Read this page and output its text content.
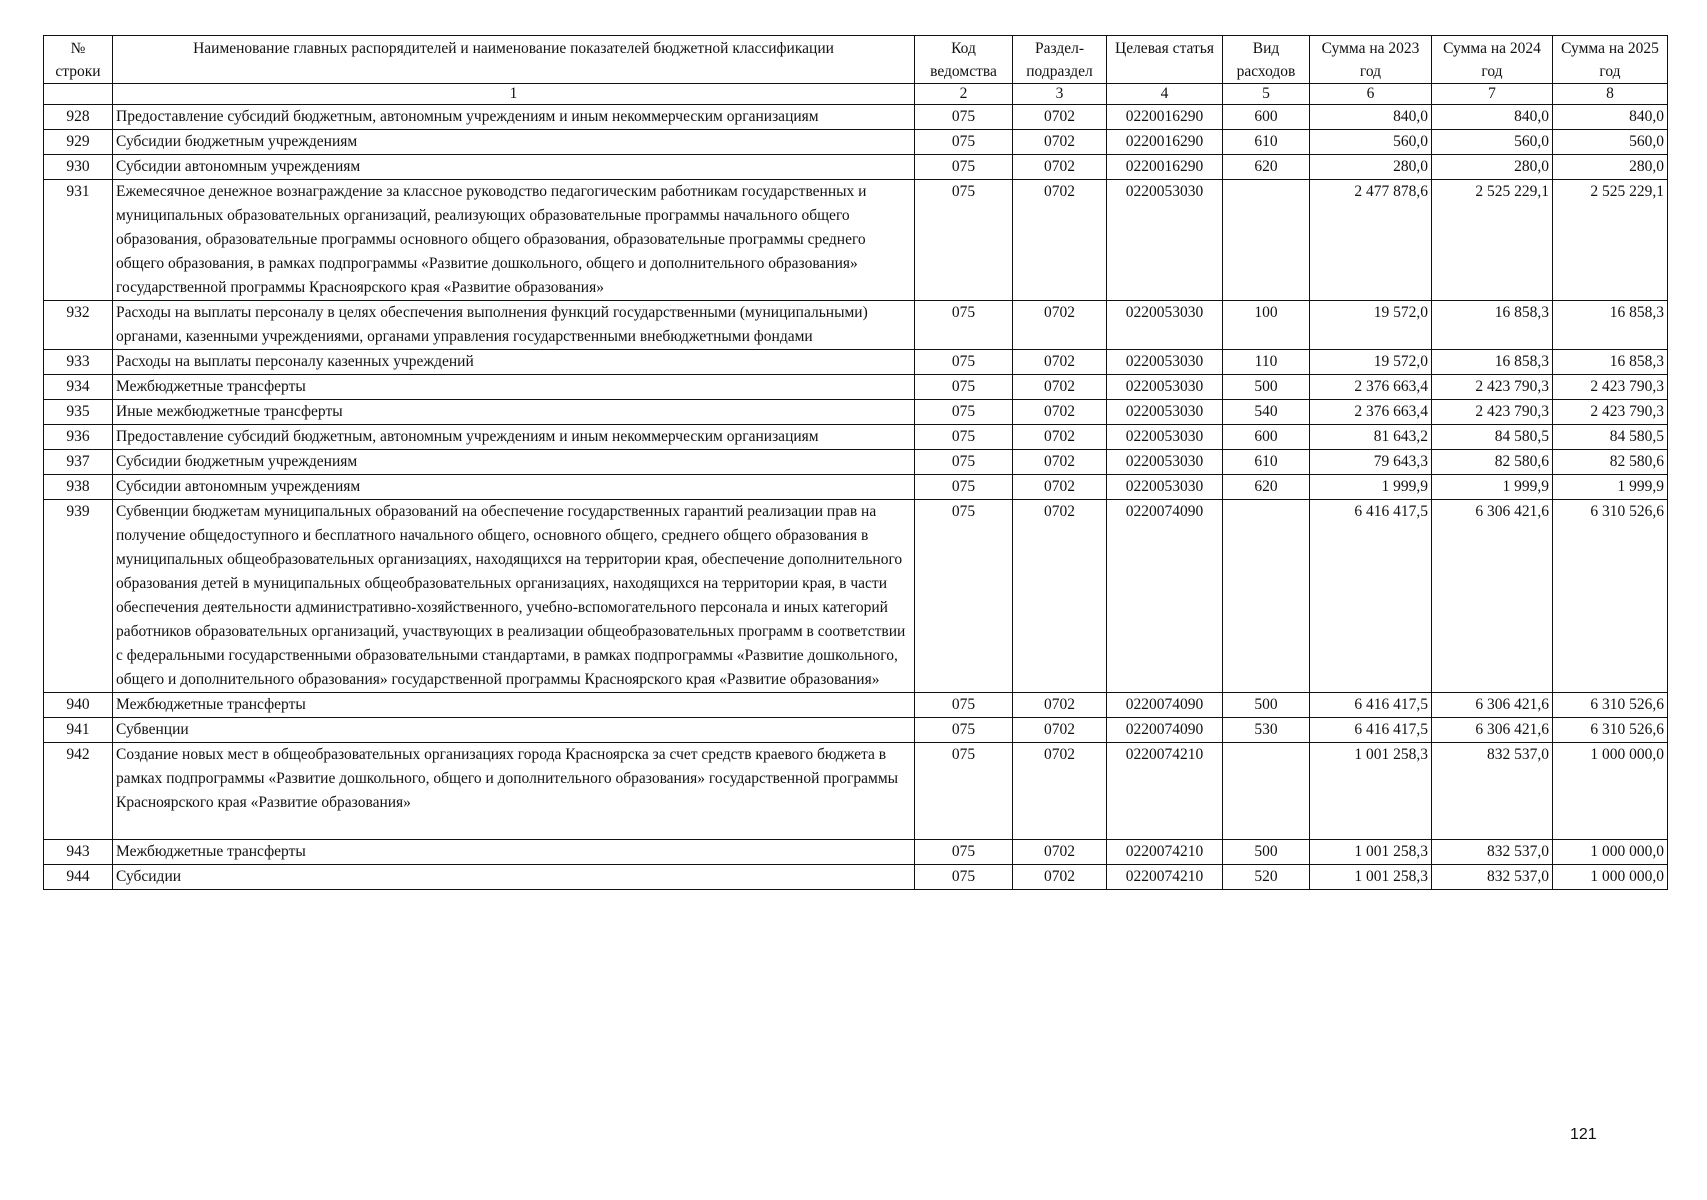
№ строки	Наименование главных распорядителей и наименование показателей бюджетной классификации	Код ведомства	Раздел-подраздел	Целевая статья	Вид расходов	Сумма на 2023 год	Сумма на 2024 год	Сумма на 2025 год
	1	2	3	4	5	6	7	8
928	Предоставление субсидий бюджетным, автономным учреждениям и иным некоммерческим организациям	075	0702	0220016290	600	840,0	840,0	840,0
929	Субсидии бюджетным учреждениям	075	0702	0220016290	610	560,0	560,0	560,0
930	Субсидии автономным учреждениям	075	0702	0220016290	620	280,0	280,0	280,0
931	Ежемесячное денежное вознаграждение за классное руководство педагогическим работникам государственных и муниципальных образовательных организаций, реализующих образовательные программы начального общего образования, образовательные программы основного общего образования, образовательные программы среднего общего образования, в рамках подпрограммы «Развитие дошкольного, общего и дополнительного образования» государственной программы Красноярского края «Развитие образования»	075	0702	0220053030		2 477 878,6	2 525 229,1	2 525 229,1
932	Расходы на выплаты персоналу в целях обеспечения выполнения функций государственными (муниципальными) органами, казенными учреждениями, органами управления государственными внебюджетными фондами	075	0702	0220053030	100	19 572,0	16 858,3	16 858,3
933	Расходы на выплаты персоналу казенных учреждений	075	0702	0220053030	110	19 572,0	16 858,3	16 858,3
934	Межбюджетные трансферты	075	0702	0220053030	500	2 376 663,4	2 423 790,3	2 423 790,3
935	Иные межбюджетные трансферты	075	0702	0220053030	540	2 376 663,4	2 423 790,3	2 423 790,3
936	Предоставление субсидий бюджетным, автономным учреждениям и иным некоммерческим организациям	075	0702	0220053030	600	81 643,2	84 580,5	84 580,5
937	Субсидии бюджетным учреждениям	075	0702	0220053030	610	79 643,3	82 580,6	82 580,6
938	Субсидии автономным учреждениям	075	0702	0220053030	620	1 999,9	1 999,9	1 999,9
939	Субвенции бюджетам муниципальных образований на обеспечение государственных гарантий реализации прав на получение общедоступного и бесплатного начального общего, основного общего, среднего общего образования в муниципальных общеобразовательных организациях, находящихся на территории края, обеспечение дополнительного образования детей в муниципальных общеобразовательных организациях, находящихся на территории края, в части обеспечения деятельности административно-хозяйственного, учебно-вспомогательного персонала и иных категорий работников образовательных организаций, участвующих в реализации общеобразовательных программ в соответствии с федеральными государственными образовательными стандартами, в рамках подпрограммы «Развитие дошкольного, общего и дополнительного образования» государственной программы Красноярского края «Развитие образования»	075	0702	0220074090		6 416 417,5	6 306 421,6	6 310 526,6
940	Межбюджетные трансферты	075	0702	0220074090	500	6 416 417,5	6 306 421,6	6 310 526,6
941	Субвенции	075	0702	0220074090	530	6 416 417,5	6 306 421,6	6 310 526,6
942	Создание новых мест в общеобразовательных организациях города Красноярска за счет средств краевого бюджета в рамках подпрограммы «Развитие дошкольного, общего и дополнительного образования» государственной программы Красноярского края «Развитие образования»	075	0702	0220074210		1 001 258,3	832 537,0	1 000 000,0
943	Межбюджетные трансферты	075	0702	0220074210	500	1 001 258,3	832 537,0	1 000 000,0
944	Субсидии	075	0702	0220074210	520	1 001 258,3	832 537,0	1 000 000,0
121
